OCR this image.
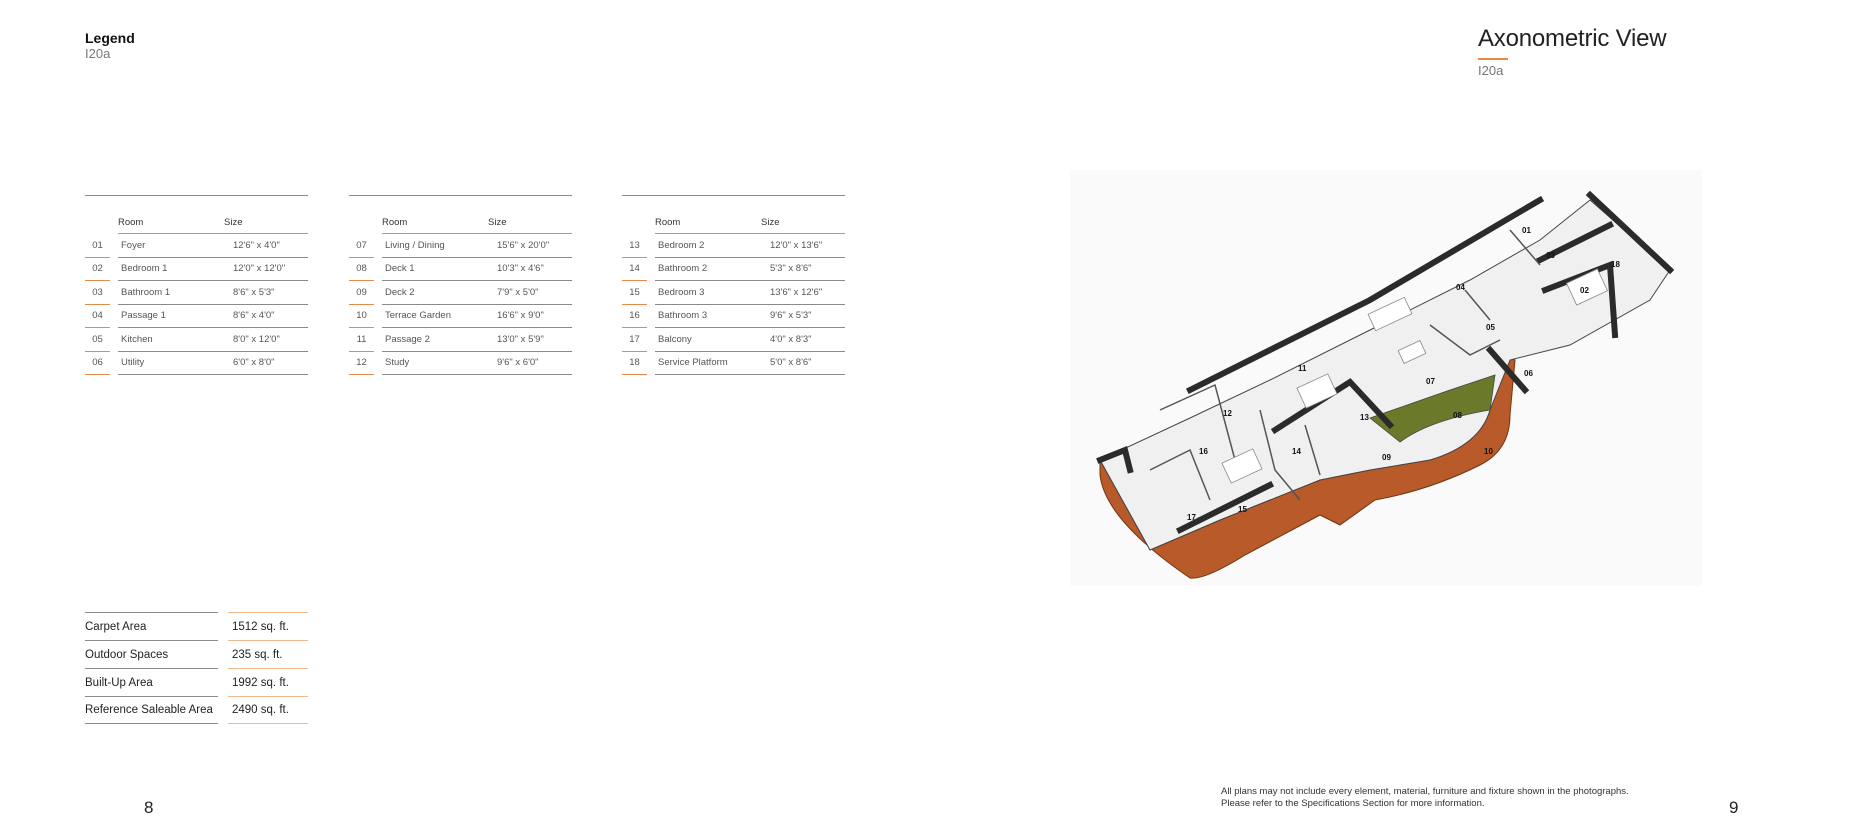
Legend
I20a
Axonometric View
I20a
Room	Size
01	Foyer	12'6" x 4'0"
02	Bedroom 1	12'0" x 12'0"
03	Bathroom 1	8'6" x 5'3"
04	Passage 1	8'6" x 4'0"
05	Kitchen	8'0" x 12'0"
06	Utility	6'0" x 8'0"
Room	Size
07	Living / Dining	15'6" x 20'0"
08	Deck 1	10'3" x 4'6"
09	Deck 2	7'9" x 5'0"
10	Terrace Garden	16'6" x 9'0"
11	Passage 2	13'0" x 5'9"
12	Study	9'6" x 6'0"
Room	Size
13	Bedroom 2	12'0" x 13'6"
14	Bathroom 2	5'3" x 8'6"
15	Bedroom 3	13'6" x 12'6"
16	Bathroom 3	9'6" x 5'3"
17	Balcony	4'0" x 8'3"
18	Service Platform	5'0" x 8'6"
Carpet Area	1512 sq. ft.
Outdoor Spaces	235 sq. ft.
Built-Up Area	1992 sq. ft.
Reference Saleable Area	2490 sq. ft.
01
02
03
04
05
06
07
08
09
10
11
12	13
14
15
16
17
18
8	9
All plans may not include every element, material, furniture and fixture shown in the photographs.
Please refer to the Specifications Section for more information.
